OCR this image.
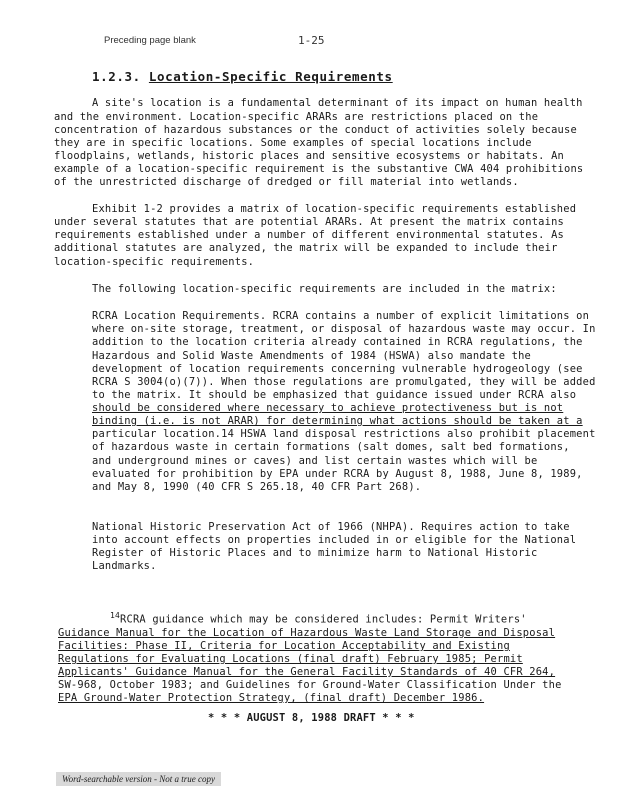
Preceding page blank	1-25
1.2.3. Location-Specific Requirements
A site's location is a fundamental determinant of its impact on human health
and the environment. Location-specific ARARs are restrictions placed on the
concentration of hazardous substances or the conduct of activities solely because
they are in specific locations. Some examples of special locations include
floodplains, wetlands, historic places and sensitive ecosystems or habitats. An
example of a location-specific requirement is the substantive CWA 404 prohibitions
of the unrestricted discharge of dredged or fill material into wetlands.
Exhibit 1-2 provides a matrix of location-specific requirements established
under several statutes that are potential ARARs. At present the matrix contains
requirements established under a number of different environmental statutes. As
additional statutes are analyzed, the matrix will be expanded to include their
location-specific requirements.
The following location-specific requirements are included in the matrix:
RCRA Location Requirements. RCRA contains a number of explicit limitations on
where on-site storage, treatment, or disposal of hazardous waste may occur. In
addition to the location criteria already contained in RCRA regulations, the
Hazardous and Solid Waste Amendments of 1984 (HSWA) also mandate the
development of location requirements concerning vulnerable hydrogeology (see
RCRA S 3004(o)(7)). When those regulations are promulgated, they will be added
to the matrix. It should be emphasized that guidance issued under RCRA also
should be considered where necessary to achieve protectiveness but is not
binding (i.e. is not ARAR) for determining what actions should be taken at a
particular location.14 HSWA land disposal restrictions also prohibit placement
of hazardous waste in certain formations (salt domes, salt bed formations,
and underground mines or caves) and list certain wastes which will be
evaluated for prohibition by EPA under RCRA by August 8, 1988, June 8, 1989,
and May 8, 1990 (40 CFR S 265.18, 40 CFR Part 268).
National Historic Preservation Act of 1966 (NHPA). Requires action to take
into account effects on properties included in or eligible for the National
Register of Historic Places and to minimize harm to National Historic
Landmarks.
$^{14}$RCRA guidance which may be considered includes: Permit Writers'
Guidance Manual for the Location of Hazardous Waste Land Storage and Disposal
Facilities: Phase II, Criteria for Location Acceptability and Existing
Regulations for Evaluating Locations (final draft) February 1985; Permit
Applicants' Guidance Manual for the General Facility Standards of 40 CFR 264,
SW-968, October 1983; and Guidelines for Ground-Water Classification Under the
EPA Ground-Water Protection Strategy, (final draft) December 1986.
* * * AUGUST 8, 1988 DRAFT * * *
Word-searchable version - Not a true copy
